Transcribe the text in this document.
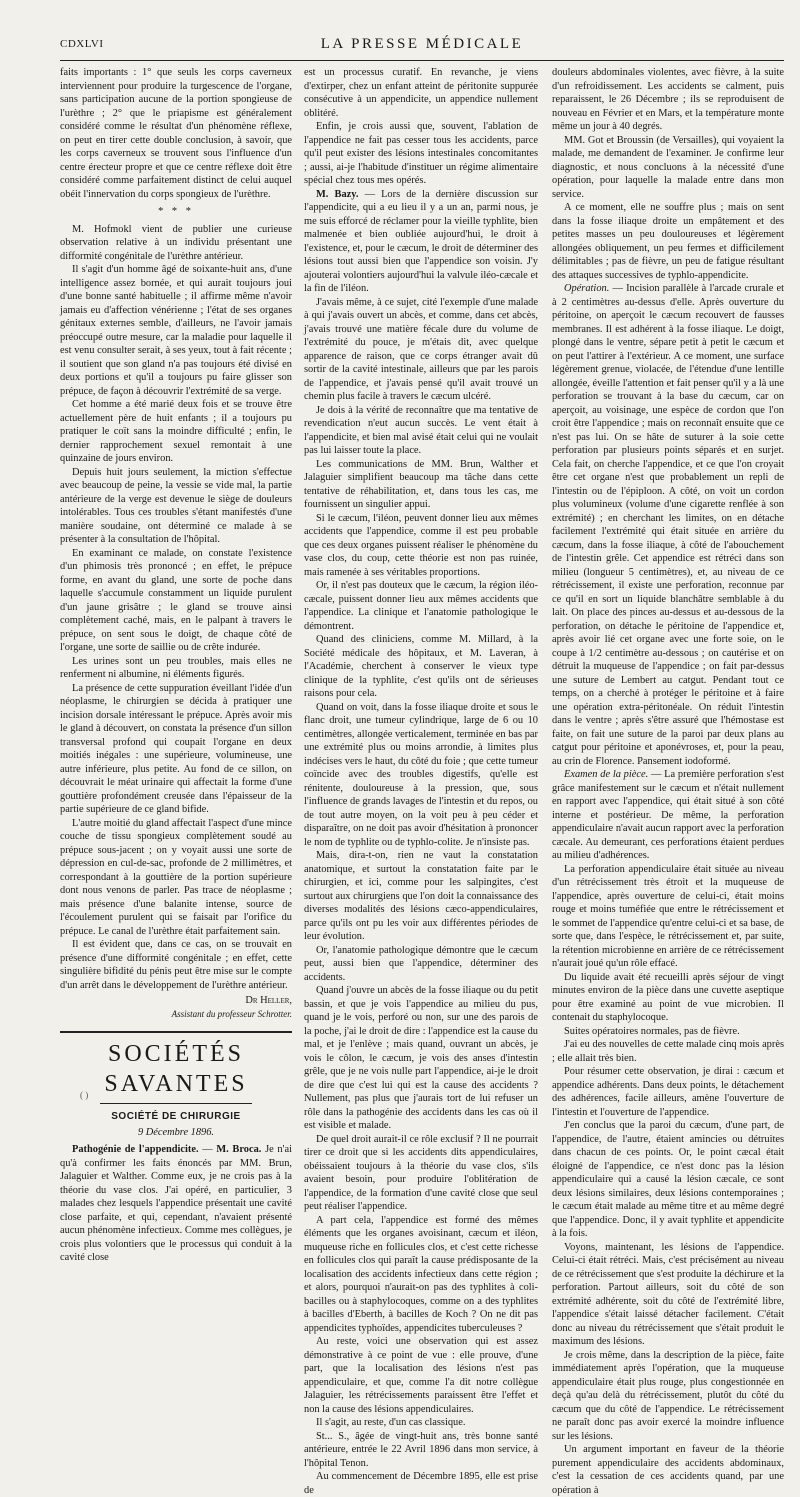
CDXLVI	LA PRESSE MÉDICALE

faits importants : 1° que seuls les corps caverneux interviennent pour produire la turgescence de l'organe, sans participation aucune de la portion spongieuse de l'urèthre ; 2° que le priapisme est généralement considéré comme le résultat d'un phénomène réflexe, on peut en tirer cette double conclusion, à savoir, que les corps caverneux se trouvent sous l'influence d'un centre érecteur propre et que ce centre réflexe doit être considéré comme parfaitement distinct de celui auquel obéit l'innervation du corps spongieux de l'urèthre.

* * *

M. Hofmokl vient de publier une curieuse observation relative à un individu présentant une difformité congénitale de l'urèthre antérieur.

Il s'agit d'un homme âgé de soixante-huit ans, d'une intelligence assez bornée, et qui aurait toujours joui d'une bonne santé habituelle ; il affirme même n'avoir jamais eu d'affection vénérienne ; l'état de ses organes génitaux externes semble, d'ailleurs, ne l'avoir jamais préoccupé outre mesure, car la maladie pour laquelle il est venu consulter serait, à ses yeux, tout à fait récente ; il soutient que son gland n'a pas toujours été divisé en deux portions et qu'il a toujours pu faire glisser son prépuce, de façon à découvrir l'extrémité de sa verge.

Cet homme a été marié deux fois et se trouve être actuellement père de huit enfants ; il a toujours pu pratiquer le coït sans la moindre difficulté ; enfin, le dernier rapprochement sexuel remontait à une quinzaine de jours environ.

Depuis huit jours seulement, la miction s'effectue avec beaucoup de peine, la vessie se vide mal, la partie antérieure de la verge est devenue le siège de douleurs intolérables. Tous ces troubles s'étant manifestés d'une manière soudaine, ont déterminé ce malade à se présenter à la consultation de l'hôpital.

En examinant ce malade, on constate l'existence d'un phimosis très prononcé ; en effet, le prépuce forme, en avant du gland, une sorte de poche dans laquelle s'accumule constamment un liquide purulent d'un jaune grisâtre ; le gland se trouve ainsi complètement caché, mais, en le palpant à travers le prépuce, on sent sous le doigt, de chaque côté de l'organe, une sorte de saillie ou de crête indurée.

Les urines sont un peu troubles, mais elles ne renferment ni albumine, ni éléments figurés.

La présence de cette suppuration éveillant l'idée d'un néoplasme, le chirurgien se décida à pratiquer une incision dorsale intéressant le prépuce. Après avoir mis le gland à découvert, on constata la présence d'un sillon transversal profond qui coupait l'organe en deux moitiés inégales : une supérieure, volumineuse, une autre inférieure, plus petite. Au fond de ce sillon, on découvrait le méat urinaire qui affectait la forme d'une gouttière profondément creusée dans l'épaisseur de la partie supérieure de ce gland bifide.

L'autre moitié du gland affectait l'aspect d'une mince couche de tissu spongieux complètement soudé au prépuce sous-jacent ; on y voyait aussi une sorte de dépression en cul-de-sac, profonde de 2 millimètres, et correspondant à la gouttière de la portion supérieure dont nous venons de parler. Pas trace de néoplasme ; mais présence d'une balanite intense, source de l'écoulement purulent qui se faisait par l'orifice du prépuce. Le canal de l'urèthre était parfaitement sain.

Il est évident que, dans ce cas, on se trouvait en présence d'une difformité congénitale ; en effet, cette singulière bifidité du pénis peut être mise sur le compte d'un arrêt dans le développement de l'urèthre antérieur.

Dr Heller,
Assistant du professeur Schrotter.
SOCIÉTÉS SAVANTES
SOCIÉTÉ DE CHIRURGIE
9 Décembre 1896.

Pathogénie de l'appendicite. — M. Broca. Je n'ai qu'à confirmer les faits énoncés par MM. Brun, Jalaguier et Walther. Comme eux, je ne crois pas à la théorie du vase clos. J'ai opéré, en particulier, 3 malades chez lesquels l'appendice présentait une cavité close parfaite, et qui, cependant, n'avaient présenté aucun phénomène infectieux. Comme mes collègues, je crois plus volontiers que le processus qui conduit à la cavité close

est un processus curatif. En revanche, je viens d'extirper, chez un enfant atteint de péritonite suppurée consécutive à un appendicite, un appendice nullement oblitéré.

Enfin, je crois aussi que, souvent, l'ablation de l'appendice ne fait pas cesser tous les accidents, parce qu'il peut exister des lésions intestinales concomitantes ; aussi, ai-je l'habitude d'instituer un régime alimentaire spécial chez tous mes opérés.

M. Bazy. — Lors de la dernière discussion sur l'appendicite, qui a eu lieu il y a un an, parmi nous, je me suis efforcé de réclamer pour la vieille typhlite, bien malmenée et bien oubliée aujourd'hui, le droit à l'existence, et, pour le cæcum, le droit de déterminer des lésions tout aussi bien que l'appendice son voisin. J'y ajouterai volontiers aujourd'hui la valvule iléo-cæcale et la fin de l'iléon.

J'avais même, à ce sujet, cité l'exemple d'une malade à qui j'avais ouvert un abcès, et comme, dans cet abcès, j'avais trouvé une matière fécale dure du volume de l'extrémité du pouce, je m'étais dit, avec quelque apparence de raison, que ce corps étranger avait dû sortir de la cavité intestinale, ailleurs que par les parois de l'appendice, et j'avais pensé qu'il avait trouvé un chemin plus facile à travers le cæcum ulcéré.

Je dois à la vérité de reconnaître que ma tentative de revendication n'eut aucun succès. Le vent était à l'appendicite, et bien mal avisé était celui qui ne voulait pas lui laisser toute la place.

Les communications de MM. Brun, Walther et Jalaguier simplifient beaucoup ma tâche dans cette tentative de réhabilitation, et, dans tous les cas, me fournissent un singulier appui.

Si le cæcum, l'iléon, peuvent donner lieu aux mêmes accidents que l'appendice, comme il est peu probable que ces deux organes puissent réaliser le phénomène du vase clos, du coup, cette théorie est non pas ruinée, mais ramenée à ses véritables proportions.

Or, il n'est pas douteux que le cæcum, la région iléo-cæcale, puissent donner lieu aux mêmes accidents que l'appendice. La clinique et l'anatomie pathologique le démontrent.

Quand des cliniciens, comme M. Millard, à la Société médicale des hôpitaux, et M. Laveran, à l'Académie, cherchent à conserver le vieux type clinique de la typhlite, c'est qu'ils ont de sérieuses raisons pour cela.

Quand on voit, dans la fosse iliaque droite et sous le flanc droit, une tumeur cylindrique, large de 6 ou 10 centimètres, allongée verticalement, terminée en bas par une extrémité plus ou moins arrondie, à limites plus indécises vers le haut, du côté du foie ; que cette tumeur coïncide avec des troubles digestifs, qu'elle est rénitente, douloureuse à la pression, que, sous l'influence de grands lavages de l'intestin et du repos, ou de tout autre moyen, on la voit peu à peu céder et disparaître, on ne doit pas avoir d'hésitation à prononcer le nom de typhlite ou de typhlo-colite. Je n'insiste pas.

Mais, dira-t-on, rien ne vaut la constatation anatomique, et surtout la constatation faite par le chirurgien, et ici, comme pour les salpingites, c'est surtout aux chirurgiens que l'on doit la connaissance des diverses modalités des lésions cæco-appendiculaires, parce qu'ils ont pu les voir aux différentes périodes de leur évolution.

Or, l'anatomie pathologique démontre que le cæcum peut, aussi bien que l'appendice, déterminer des accidents.

Quand j'ouvre un abcès de la fosse iliaque ou du petit bassin, et que je vois l'appendice au milieu du pus, quand je le vois, perforé ou non, sur une des parois de la poche, j'ai le droit de dire : l'appendice est la cause du mal, et je l'enlève ; mais quand, ouvrant un abcès, je vois le côlon, le cæcum, je vois des anses d'intestin grêle, que je ne vois nulle part l'appendice, ai-je le droit de dire que c'est lui qui est la cause des accidents ? Nullement, pas plus que j'aurais tort de lui refuser un rôle dans la pathogénie des accidents dans les cas où il est visible et malade.

De quel droit aurait-il ce rôle exclusif ? Il ne pourrait tirer ce droit que si les accidents dits appendiculaires, obéissaient toujours à la théorie du vase clos, s'ils avaient besoin, pour produire l'oblitération de l'appendice, de la formation d'une cavité close que seul peut réaliser l'appendice.

A part cela, l'appendice est formé des mêmes éléments que les organes avoisinant, cæcum et iléon, muqueuse riche en follicules clos, et c'est cette richesse en follicules clos qui paraît la cause prédisposante de la localisation des accidents infectieux dans cette région ; et alors, pourquoi n'aurait-on pas des typhlites à coli-bacilles ou à staphylocoques, comme on a des typhlites à bacilles d'Eberth, à bacilles de Koch ? On ne dit pas appendicites typhoïdes, appendicites tuberculeuses ?

Au reste, voici une observation qui est assez démonstrative à ce point de vue : elle prouve, d'une part, que la localisation des lésions n'est pas appendiculaire, et que, comme l'a dit notre collègue Jalaguier, les rétrécissements paraissent être l'effet et non la cause des lésions appendiculaires.

Il s'agit, au reste, d'un cas classique.

St... S., âgée de vingt-huit ans, très bonne santé antérieure, entrée le 22 Avril 1896 dans mon service, à l'hôpital Tenon.

Au commencement de Décembre 1895, elle est prise de

douleurs abdominales violentes, avec fièvre, à la suite d'un refroidissement. Les accidents se calment, puis reparaissent, le 26 Décembre ; ils se reproduisent de nouveau en Février et en Mars, et la température monte même un jour à 40 degrés.

MM. Got et Broussin (de Versailles), qui voyaient la malade, me demandent de l'examiner. Je confirme leur diagnostic, et nous concluons à la nécessité d'une opération, pour laquelle la malade entre dans mon service.

A ce moment, elle ne souffre plus ; mais on sent dans la fosse iliaque droite un empâtement et des petites masses un peu douloureuses et légèrement allongées obliquement, un peu fermes et difficilement délimitables ; pas de fièvre, un peu de fatigue résultant des attaques successives de typhlo-appendicite.

Opération. — Incision parallèle à l'arcade crurale et à 2 centimètres au-dessus d'elle. Après ouverture du péritoine, on aperçoit le cæcum recouvert de fausses membranes. Il est adhérent à la fosse iliaque. Le doigt, plongé dans le ventre, sépare petit à petit le cæcum et on peut l'attirer à l'extérieur. A ce moment, une surface légèrement grenue, violacée, de l'étendue d'une lentille allongée, éveille l'attention et fait penser qu'il y a là une perforation se trouvant à la base du cæcum, car on aperçoit, au voisinage, une espèce de cordon que l'on croit être l'appendice ; mais on reconnaît ensuite que ce n'est pas lui. On se hâte de suturer à la soie cette perforation par plusieurs points séparés et en surjet. Cela fait, on cherche l'appendice, et ce que l'on croyait être cet organe n'est que probablement un repli de l'intestin ou de l'épiploon. A côté, on voit un cordon plus volumineux (volume d'une cigarette renflée à son extrémité) ; en cherchant les limites, on en détache facilement l'extrémité qui était située en arrière du cæcum, dans la fosse iliaque, à côté de l'abouchement de l'intestin grêle. Cet appendice est rétréci dans son milieu (longueur 5 centimètres), et, au niveau de ce rétrécissement, il existe une perforation, reconnue par ce qu'il en sort un liquide blanchâtre semblable à du lait. On place des pinces au-dessus et au-dessous de la perforation, on détache le péritoine de l'appendice et, après avoir lié cet organe avec une forte soie, on le coupe à 1/2 centimètre au-dessous ; on cautérise et on détruit la muqueuse de l'appendice ; on fait par-dessus une suture de Lembert au catgut. Pendant tout ce temps, on a cherché à protéger le péritoine et à faire une opération extra-péritonéale. On réduit l'intestin dans le ventre ; après s'être assuré que l'hémostase est faite, on fait une suture de la paroi par deux plans au catgut pour péritoine et aponévroses, et, pour la peau, au crin de Florence. Pansement iodoformé.

Examen de la pièce. — La première perforation s'est grâce manifestement sur le cæcum et n'était nullement en rapport avec l'appendice, qui était situé à son côté interne et postérieur. De même, la perforation appendiculaire n'avait aucun rapport avec la perforation cæcale. Au demeurant, ces perforations étaient perdues au milieu d'adhérences.

La perforation appendiculaire était située au niveau d'un rétrécissement très étroit et la muqueuse de l'appendice, après ouverture de celui-ci, était moins rouge et moins tuméfiée que entre le rétrécissement et le sommet de l'appendice qu'entre celui-ci et sa base, de sorte que, dans l'espèce, le rétrécissement et, par suite, la rétention microbienne en arrière de ce rétrécissement n'aurait joué qu'un rôle effacé.

Du liquide avait été recueilli après séjour de vingt minutes environ de la pièce dans une cuvette aseptique pour être examiné au point de vue microbien. Il contenait du staphylocoque.

Suites opératoires normales, pas de fièvre.

J'ai eu des nouvelles de cette malade cinq mois après ; elle allait très bien.

Pour résumer cette observation, je dirai : cæcum et appendice adhérents. Dans deux points, le détachement des adhérences, facile ailleurs, amène l'ouverture de l'intestin et l'ouverture de l'appendice.

J'en conclus que la paroi du cæcum, d'une part, de l'appendice, de l'autre, étaient amincies ou détruites dans chacun de ces points. Or, le point cæcal était éloigné de l'appendice, ce n'est donc pas la lésion appendiculaire qui a causé la lésion cæcale, ce sont deux lésions similaires, deux lésions contemporaines ; le cæcum était malade au même titre et au même degré que l'appendice. Donc, il y avait typhlite et appendicite à la fois.

Voyons, maintenant, les lésions de l'appendice. Celui-ci était rétréci. Mais, c'est précisément au niveau de ce rétrécissement que s'est produite la déchirure et la perforation. Partout ailleurs, soit du côté de son extrémité adhérente, soit du côté de l'extrémité libre, l'appendice s'était laissé détacher facilement. C'était donc au niveau du rétrécissement que s'était produit le maximum des lésions.

Je crois même, dans la description de la pièce, faite immédiatement après l'opération, que la muqueuse appendiculaire était plus rouge, plus congestionnée en deçà qu'au delà du rétrécissement, plutôt du côté du cæcum que du côté de l'appendice. Le rétrécissement ne paraît donc pas avoir exercé la moindre influence sur les lésions.

Un argument important en faveur de la théorie purement appendiculaire des accidents abdominaux, c'est la cessation de ces accidents quand, par une opération à

( )
